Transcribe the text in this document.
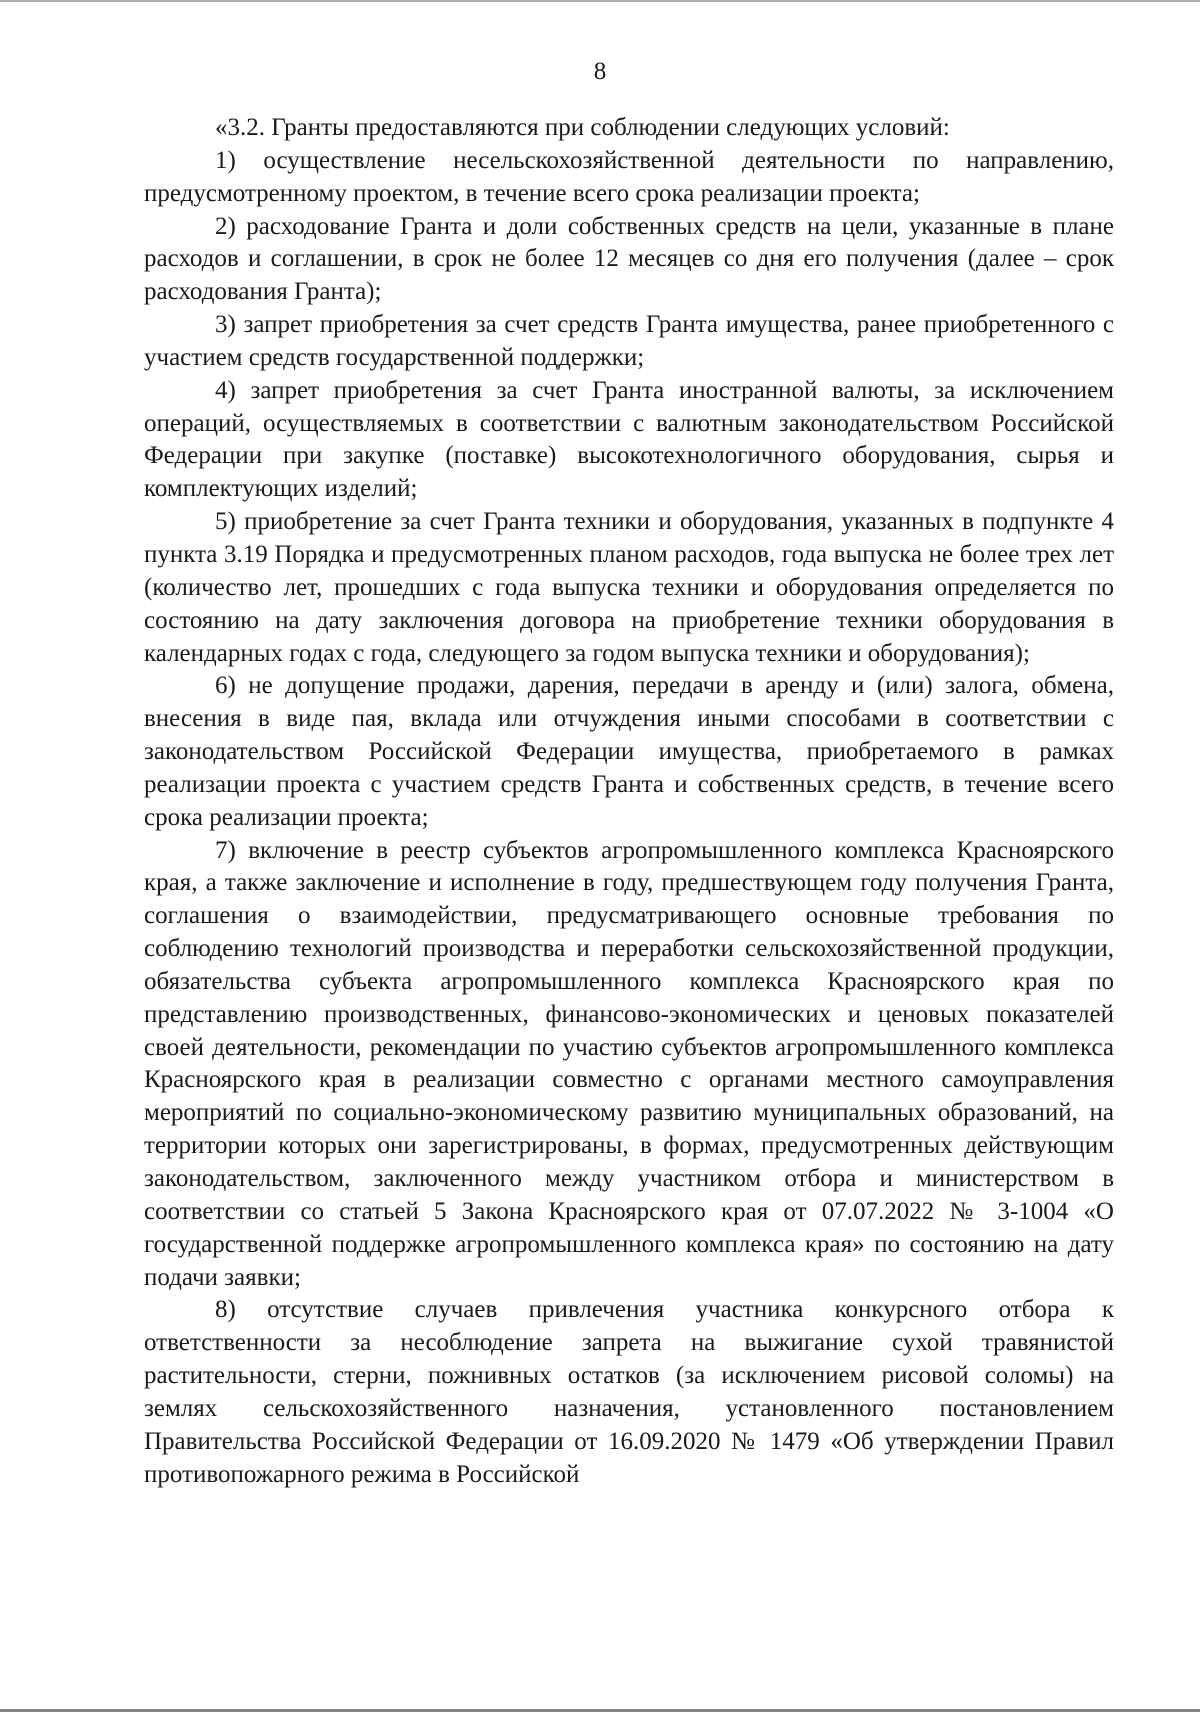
8

«3.2. Гранты предоставляются при соблюдении следующих условий:

1) осуществление несельскохозяйственной деятельности по направлению, предусмотренному проектом, в течение всего срока реализации проекта;

2) расходование Гранта и доли собственных средств на цели, указанные в плане расходов и соглашении, в срок не более 12 месяцев со дня его получения (далее – срок расходования Гранта);

3) запрет приобретения за счет средств Гранта имущества, ранее приобретенного с участием средств государственной поддержки;

4) запрет приобретения за счет Гранта иностранной валюты, за исключением операций, осуществляемых в соответствии с валютным законодательством Российской Федерации при закупке (поставке) высокотехнологичного оборудования, сырья и комплектующих изделий;

5) приобретение за счет Гранта техники и оборудования, указанных в подпункте 4 пункта 3.19 Порядка и предусмотренных планом расходов, года выпуска не более трех лет (количество лет, прошедших с года выпуска техники и оборудования определяется по состоянию на дату заключения договора на приобретение техники оборудования в календарных годах с года, следующего за годом выпуска техники и оборудования);

6) не допущение продажи, дарения, передачи в аренду и (или) залога, обмена, внесения в виде пая, вклада или отчуждения иными способами в соответствии с законодательством Российской Федерации имущества, приобретаемого в рамках реализации проекта с участием средств Гранта и собственных средств, в течение всего срока реализации проекта;

7) включение в реестр субъектов агропромышленного комплекса Красноярского края, а также заключение и исполнение в году, предшествующем году получения Гранта, соглашения о взаимодействии, предусматривающего основные требования по соблюдению технологий производства и переработки сельскохозяйственной продукции, обязательства субъекта агропромышленного комплекса Красноярского края по представлению производственных, финансово-экономических и ценовых показателей своей деятельности, рекомендации по участию субъектов агропромышленного комплекса Красноярского края в реализации совместно с органами местного самоуправления мероприятий по социально-экономическому развитию муниципальных образований, на территории которых они зарегистрированы, в формах, предусмотренных действующим законодательством, заключенного между участником отбора и министерством в соответствии со статьей 5 Закона Красноярского края от 07.07.2022 № 3-1004 «О государственной поддержке агропромышленного комплекса края» по состоянию на дату подачи заявки;

8) отсутствие случаев привлечения участника конкурсного отбора к ответственности за несоблюдение запрета на выжигание сухой травянистой растительности, стерни, пожнивных остатков (за исключением рисовой соломы) на землях сельскохозяйственного назначения, установленного постановлением Правительства Российской Федерации от 16.09.2020 № 1479 «Об утверждении Правил противопожарного режима в Российской
